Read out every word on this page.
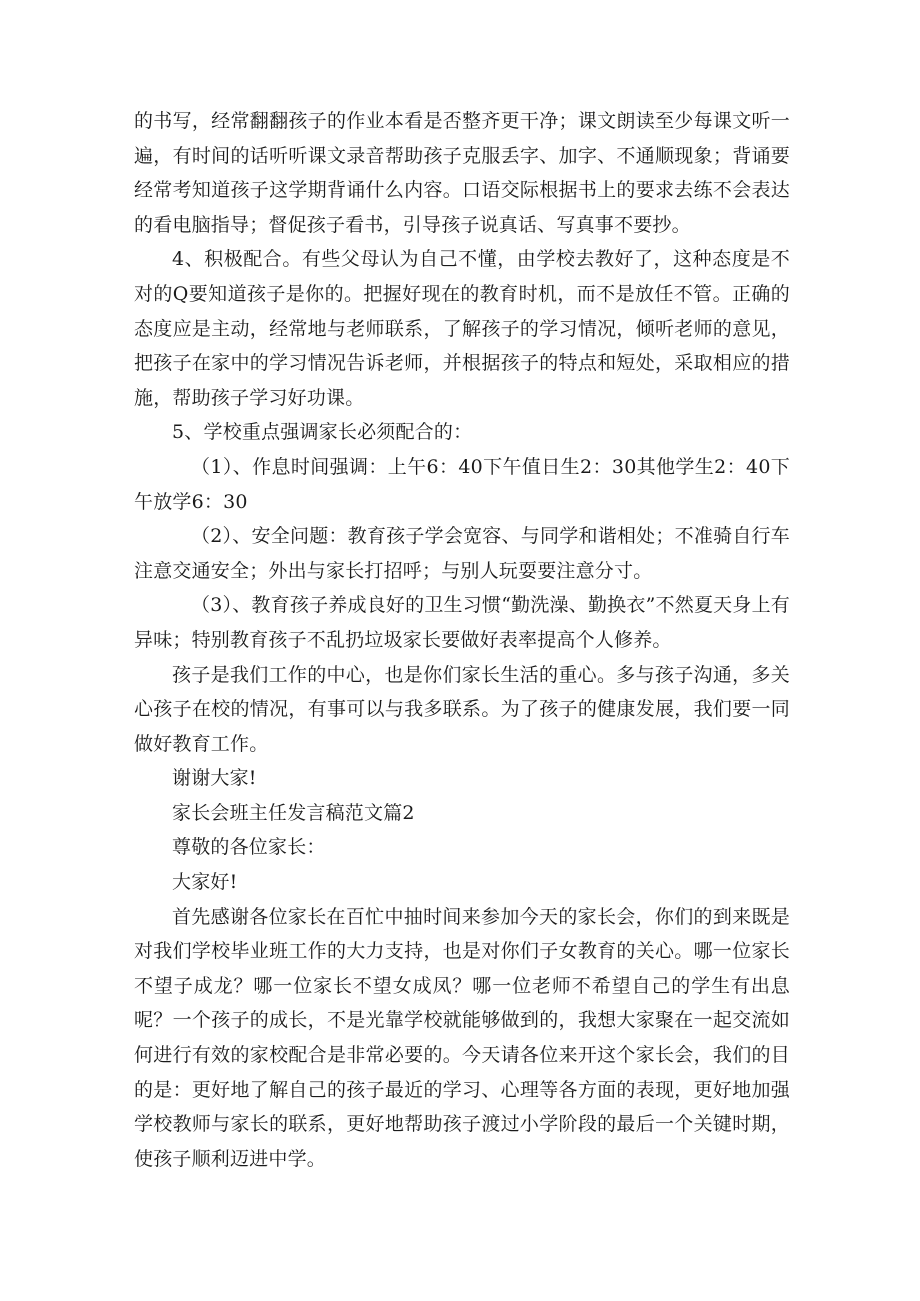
的书写，经常翻翻孩子的作业本看是否整齐更干净；课文朗读至少每课文听一遍，有时间的话听听课文录音帮助孩子克服丢字、加字、不通顺现象；背诵要经常考知道孩子这学期背诵什么内容。口语交际根据书上的要求去练不会表达的看电脑指导；督促孩子看书，引导孩子说真话、写真事不要抄。

4、积极配合。有些父母认为自己不懂，由学校去教好了，这种态度是不对的Q要知道孩子是你的。把握好现在的教育时机，而不是放任不管。正确的态度应是主动，经常地与老师联系，了解孩子的学习情况，倾听老师的意见，把孩子在家中的学习情况告诉老师，并根据孩子的特点和短处，采取相应的措施，帮助孩子学习好功课。

5、学校重点强调家长必须配合的：

（1）、作息时间强调：上午6：40下午值日生2：30其他学生2：40下午放学6：30

（2）、安全问题：教育孩子学会宽容、与同学和谐相处；不准骑自行车注意交通安全；外出与家长打招呼；与别人玩耍要注意分寸。

（3）、教育孩子养成良好的卫生习惯“勤洗澡、勤换衣”不然夏天身上有异味；特别教育孩子不乱扔垃圾家长要做好表率提高个人修养。

孩子是我们工作的中心，也是你们家长生活的重心。多与孩子沟通，多关心孩子在校的情况，有事可以与我多联系。为了孩子的健康发展，我们要一同做好教育工作。

谢谢大家!

家长会班主任发言稿范文篇2

尊敬的各位家长：

大家好!

首先感谢各位家长在百忙中抽时间来参加今天的家长会，你们的到来既是对我们学校毕业班工作的大力支持，也是对你们子女教育的关心。哪一位家长不望子成龙？哪一位家长不望女成凤？哪一位老师不希望自己的学生有出息呢？一个孩子的成长，不是光靠学校就能够做到的，我想大家聚在一起交流如何进行有效的家校配合是非常必要的。今天请各位来开这个家长会，我们的目的是：更好地了解自己的孩子最近的学习、心理等各方面的表现，更好地加强学校教师与家长的联系，更好地帮助孩子渡过小学阶段的最后一个关键时期，使孩子顺利迈进中学。
